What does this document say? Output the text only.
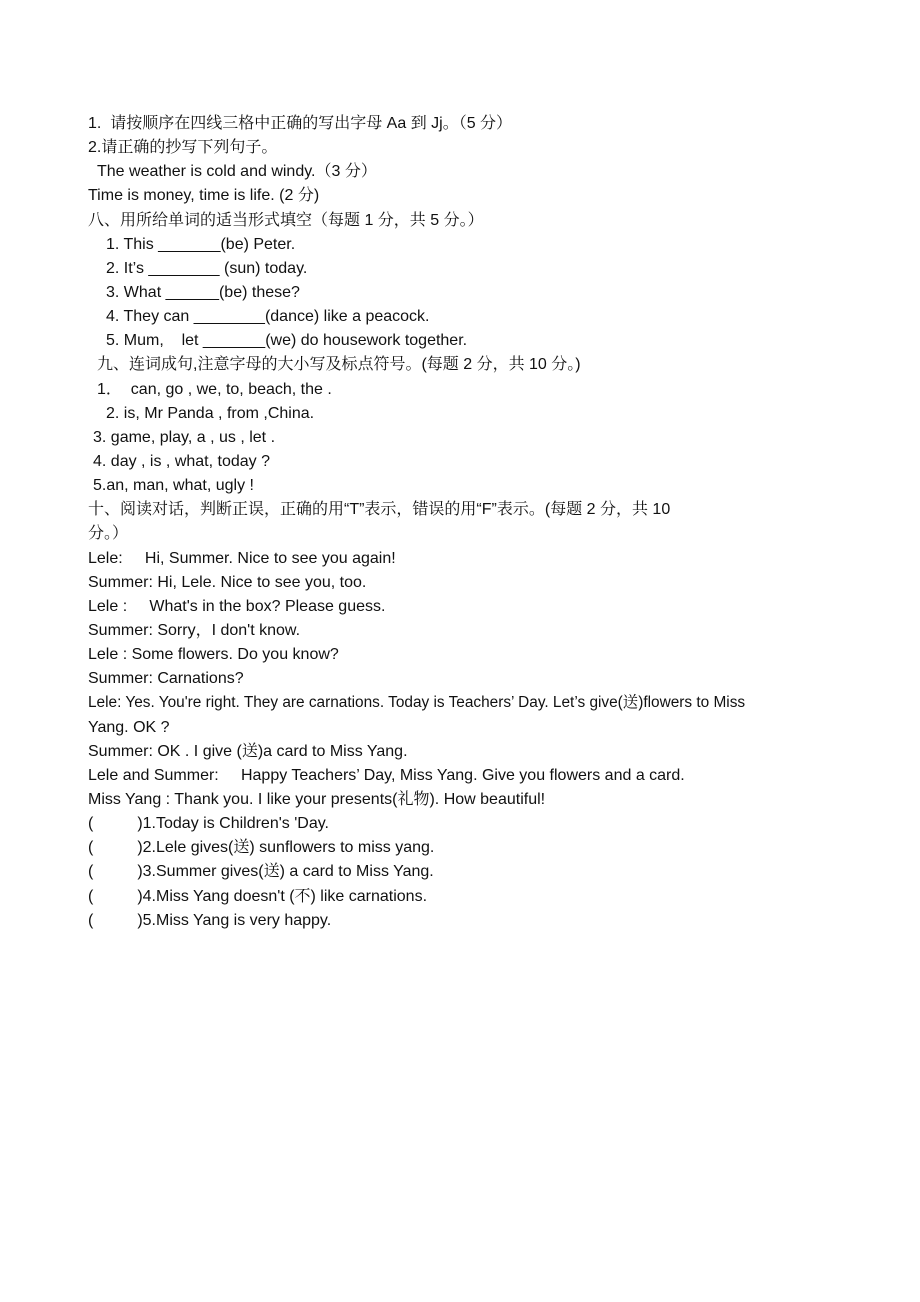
1.  请按顺序在四线三格中正确的写出字母 Aa 到 Jj。（5 分）
2.请正确的抄写下列句子。
The weather is cold and windy.（3 分）
Time is money, time is life. (2 分)
八、用所给单词的适当形式填空（每题 1 分，共 5 分。）
1. This _______(be) Peter.
2. It’s ________ (sun) today.
3. What ______(be) these?
4. They can ________(dance) like a peacock.
5. Mum,    let _______(we) do housework together.
九、连词成句,注意字母的大小写及标点符号。(每题 2 分，共 10 分。)
1．  can, go , we, to, beach, the .
2. is, Mr Panda , from ,China.
3. game, play, a , us , let .
4. day , is , what, today ?
5.an, man, what, ugly !
十、阅读对话，判断正误，正确的用“T”表示，错误的用“F”表示。(每题 2 分，共 10
分。）
Lele:     Hi, Summer. Nice to see you again!
Summer: Hi, Lele. Nice to see you, too.
Lele :     What's in the box? Please guess.
Summer: Sorry，I don't know.
Lele : Some flowers. Do you know?
Summer: Carnations?
Lele: Yes. You're right. They are carnations. Today is Teachers’ Day. Let’s give(送)flowers to Miss
Yang. OK ?
Summer: OK . I give (送)a card to Miss Yang.
Lele and Summer:     Happy Teachers’ Day, Miss Yang. Give you flowers and a card.
Miss Yang : Thank you. I like your presents(礼物). How beautiful!
(	)1.Today is Children's 'Day.
(	)2.Lele gives(送) sunflowers to miss yang.
(	)3.Summer gives(送) a card to Miss Yang.
(	)4.Miss Yang doesn't (不) like carnations.
(	)5.Miss Yang is very happy.
